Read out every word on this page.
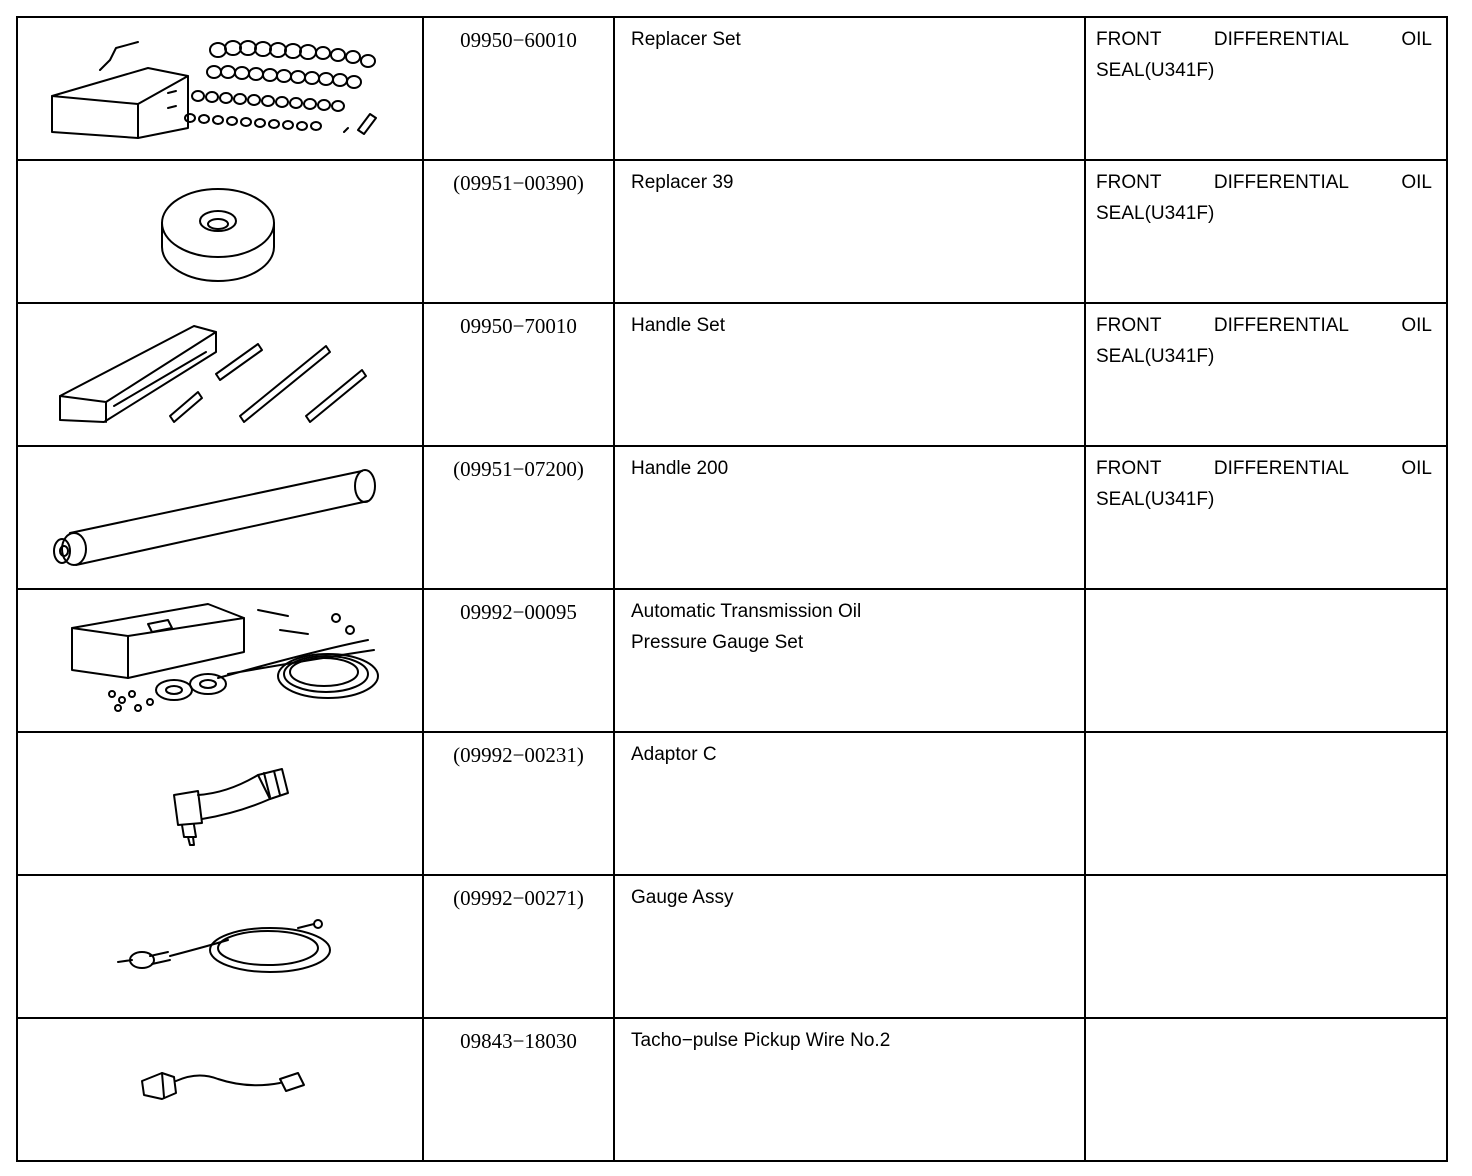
	09950−60010	Replacer Set	FRONT DIFFERENTIAL OIL
SEAL(U341F)

	(09951−00390)	Replacer 39	FRONT DIFFERENTIAL OIL
SEAL(U341F)

	09950−70010	Handle Set	FRONT DIFFERENTIAL OIL
SEAL(U341F)

	(09951−07200)	Handle 200	FRONT DIFFERENTIAL OIL
SEAL(U341F)

	09992−00095	Automatic Transmission Oil
Pressure Gauge Set	

	(09992−00231)	Adaptor C	

	(09992−00271)	Gauge Assy	

	09843−18030	Tacho−pulse Pickup Wire No.2	
